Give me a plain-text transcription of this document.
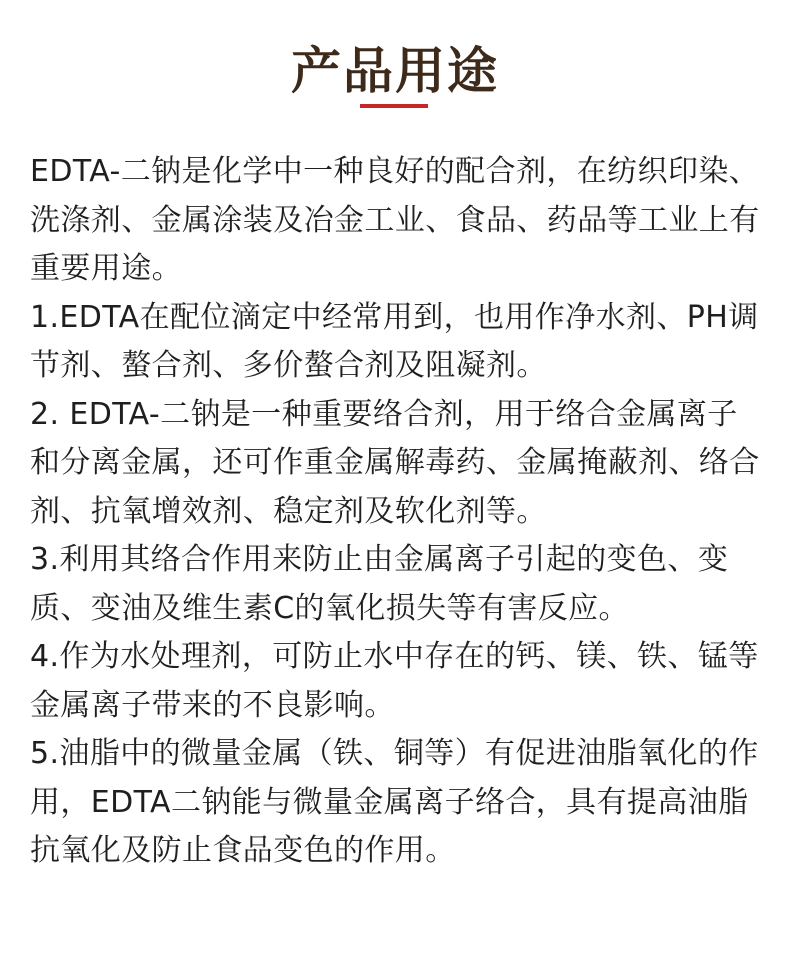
产品用途

EDTA-二钠是化学中一种良好的配合剂，在纺织印染、洗涤剂、金属涂装及冶金工业、食品、药品等工业上有重要用途。

1.EDTA在配位滴定中经常用到，也用作净水剂、PH调节剂、螯合剂、多价螯合剂及阻凝剂。

2. EDTA-二钠是一种重要络合剂，用于络合金属离子和分离金属，还可作重金属解毒药、金属掩蔽剂、络合剂、抗氧增效剂、稳定剂及软化剂等。

3.利用其络合作用来防止由金属离子引起的变色、变质、变油及维生素C的氧化损失等有害反应。

4.作为水处理剂，可防止水中存在的钙、镁、铁、锰等金属离子带来的不良影响。

5.油脂中的微量金属（铁、铜等）有促进油脂氧化的作用，EDTA二钠能与微量金属离子络合，具有提高油脂抗氧化及防止食品变色的作用。
